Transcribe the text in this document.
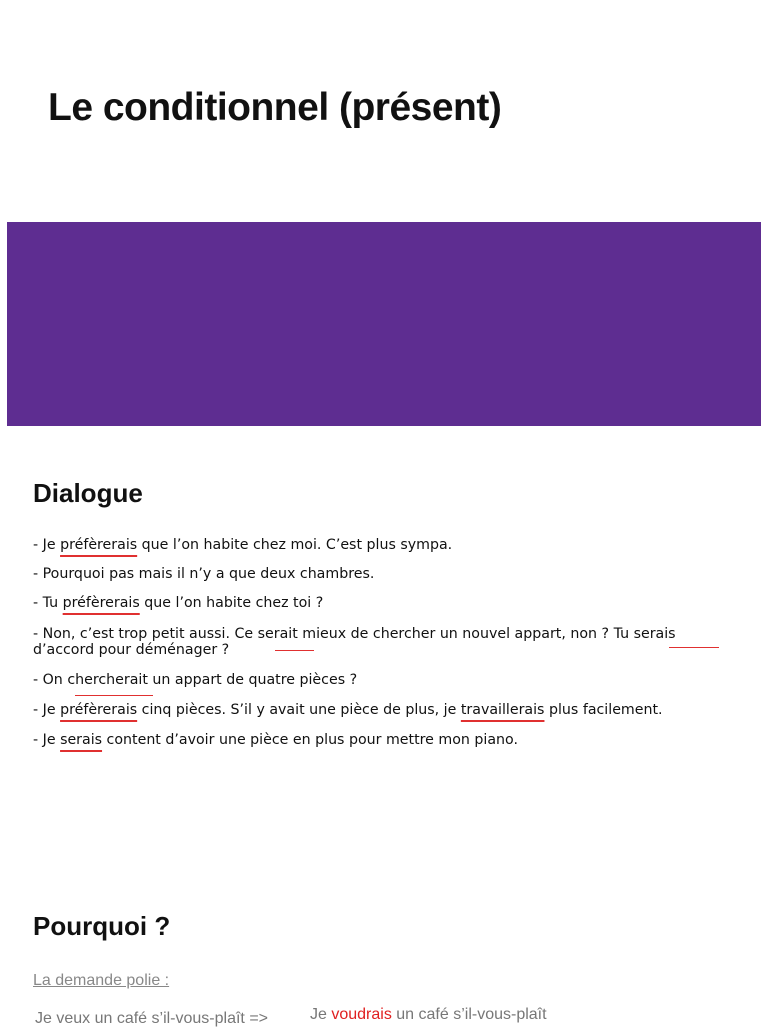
Le conditionnel (présent)
Dialogue

- Je préfèrerais que l’on habite chez moi. C’est plus sympa.

- Pourquoi pas mais il n’y a que deux chambres.

- Tu préfèrerais que l’on habite chez toi ?

- Non, c’est trop petit aussi. Ce serait mieux de chercher un nouvel appart, non ? Tu serais d’accord pour déménager ?

- On chercherait un appart de quatre pièces ?

- Je préfèrerais cinq pièces. S’il y avait une pièce de plus, je travaillerais plus facilement.

- Je serais content d’avoir une pièce en plus pour mettre mon piano.

Pourquoi ?

La demande polie :

Je veux un café s’il-vous-plaît =>	Je voudrais un café s’il-vous-plaît
